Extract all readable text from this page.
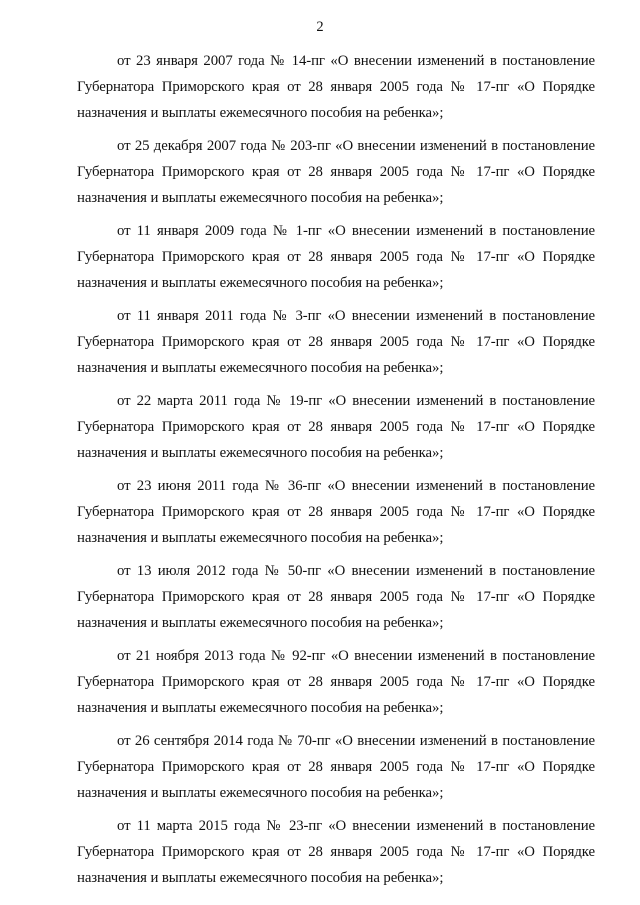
2

от 23 января 2007 года № 14-пг «О внесении изменений в постановление Губернатора Приморского края от 28 января 2005 года № 17-пг «О Порядке назначения и выплаты ежемесячного пособия на ребенка»;

от 25 декабря 2007 года № 203-пг «О внесении изменений в постановление Губернатора Приморского края от 28 января 2005 года № 17-пг «О Порядке назначения и выплаты ежемесячного пособия на ребенка»;

от 11 января 2009 года № 1-пг «О внесении изменений в постановление Губернатора Приморского края от 28 января 2005 года № 17-пг «О Порядке назначения и выплаты ежемесячного пособия на ребенка»;

от 11 января 2011 года № 3-пг «О внесении изменений в постановление Губернатора Приморского края от 28 января 2005 года № 17-пг «О Порядке назначения и выплаты ежемесячного пособия на ребенка»;

от 22 марта 2011 года № 19-пг «О внесении изменений в постановление Губернатора Приморского края от 28 января 2005 года № 17-пг «О Порядке назначения и выплаты ежемесячного пособия на ребенка»;

от 23 июня 2011 года № 36-пг «О внесении изменений в постановление Губернатора Приморского края от 28 января 2005 года № 17-пг «О Порядке назначения и выплаты ежемесячного пособия на ребенка»;

от 13 июля 2012 года № 50-пг «О внесении изменений в постановление Губернатора Приморского края от 28 января 2005 года № 17-пг «О Порядке назначения и выплаты ежемесячного пособия на ребенка»;

от 21 ноября 2013 года № 92-пг «О внесении изменений в постановление Губернатора Приморского края от 28 января 2005 года № 17-пг «О Порядке назначения и выплаты ежемесячного пособия на ребенка»;

от 26 сентября 2014 года № 70-пг «О внесении изменений в постановление Губернатора Приморского края от 28 января 2005 года № 17-пг «О Порядке назначения и выплаты ежемесячного пособия на ребенка»;

от 11 марта 2015 года № 23-пг «О внесении изменений в постановление Губернатора Приморского края от 28 января 2005 года № 17-пг «О Порядке назначения и выплаты ежемесячного пособия на ребенка»;
